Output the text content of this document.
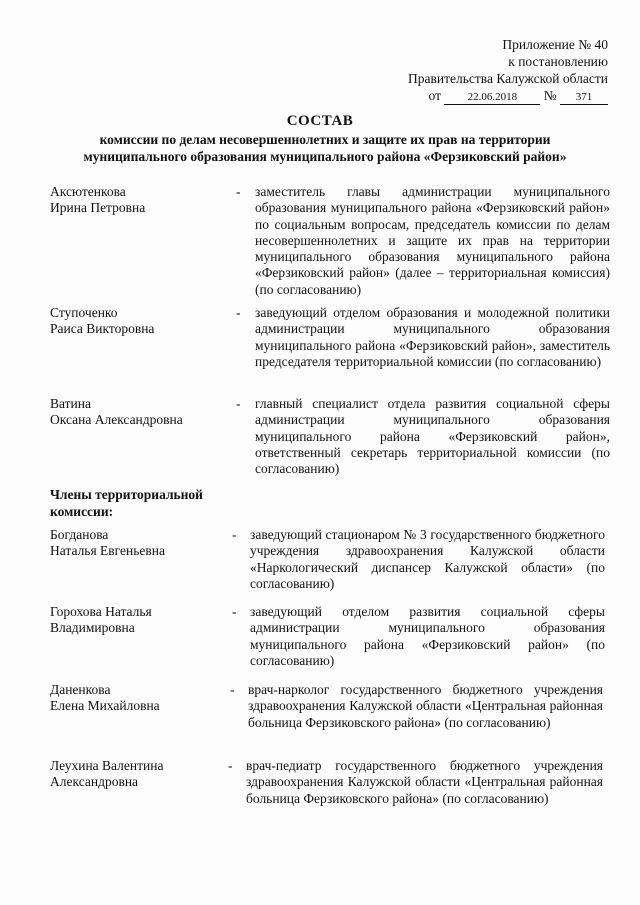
Приложение № 40
к постановлению
Правительства Калужской области
от 22.06.2018 № 371
СОСТАВ
комиссии по делам несовершеннолетних и защите их прав на территории муниципального образования муниципального района «Ферзиковский район»
Аксютенкова
Ирина Петровна
- заместитель главы администрации муниципального образования муниципального района «Ферзиковский район» по социальным вопросам, председатель комиссии по делам несовершеннолетних и защите их прав на территории муниципального образования муниципального района «Ферзиковский район» (далее – территориальная комиссия) (по согласованию)
Ступоченко
Раиса Викторовна
- заведующий отделом образования и молодежной политики администрации муниципального образования муниципального района «Ферзиковский район», заместитель председателя территориальной комиссии (по согласованию)
Ватина
Оксана Александровна
- главный специалист отдела развития социальной сферы администрации муниципального образования муниципального района «Ферзиковский район», ответственный секретарь территориальной комиссии (по согласованию)
Члены территориальной комиссии:
Богданова
Наталья Евгеньевна
- заведующий стационаром № 3 государственного бюджетного учреждения здравоохранения Калужской области «Наркологический диспансер Калужской области» (по согласованию)
Горохова Наталья
Владимировна
- заведующий отделом развития социальной сферы администрации муниципального образования муниципального района «Ферзиковский район» (по согласованию)
Даненкова
Елена Михайловна
- врач-нарколог государственного бюджетного учреждения здравоохранения Калужской области «Центральная районная больница Ферзиковского района» (по согласованию)
Леухина Валентина
Александровна
- врач-педиатр государственного бюджетного учреждения здравоохранения Калужской области «Центральная районная больница Ферзиковского района» (по согласованию)
